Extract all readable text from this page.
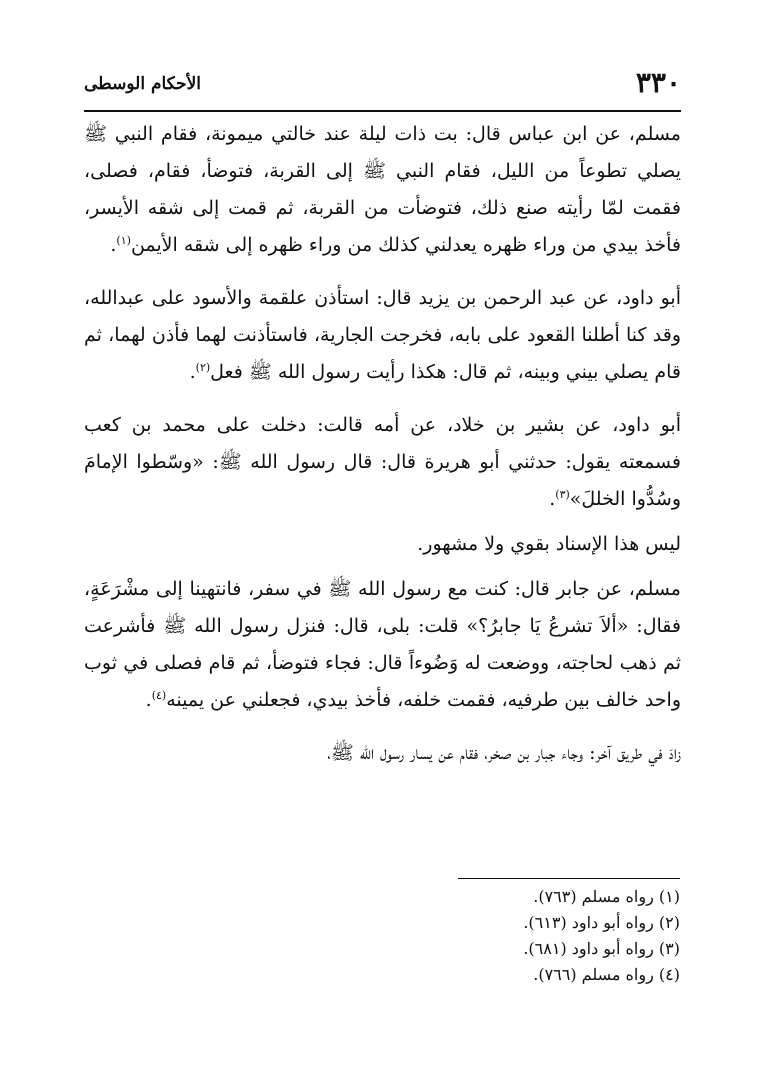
٣٣٠
الأحكام الوسطى

مسلم، عن ابن عباس قال: بت ذات ليلة عند خالتي ميمونة، فقام النبي ﷺ يصلي تطوعاً من الليل، فقام النبي ﷺ إلى القربة، فتوضأ، فقام، فصلى، فقمت لمّا رأيته صنع ذلك، فتوضأت من القربة، ثم قمت إلى شقه الأيسر، فأخذ بيدي من وراء ظهره يعدلني كذلك من وراء ظهره إلى شقه الأيمن$^{(١)}$.

أبو داود، عن عبد الرحمن بن يزيد قال: استأذن علقمة والأسود على عبدالله، وقد كنا أطلنا القعود على بابه، فخرجت الجارية، فاستأذنت لهما فأذن لهما، ثم قام يصلي بيني وبينه، ثم قال: هكذا رأيت رسول الله ﷺ فعل$^{(٢)}$.

أبو داود، عن بشير بن خلاد، عن أمه قالت: دخلت على محمد بن كعب فسمعته يقول: حدثني أبو هريرة قال: قال رسول الله ﷺ: «وسّطوا الإمامَ وسُدُّوا الخللَ»$^{(٣)}$.

ليس هذا الإسناد بقوي ولا مشهور.

مسلم، عن جابر قال: كنت مع رسول الله ﷺ في سفر، فانتهينا إلى مشْرَعَةٍ، فقال: «ألاَ تشرعُ يَا جابرُ؟» قلت: بلى، قال: فنزل رسول الله ﷺ فأشرعت ثم ذهب لحاجته، ووضعت له وَضُوءاً قال: فجاء فتوضأ، ثم قام فصلى في ثوب واحد خالف بين طرفيه، فقمت خلفه، فأخذ بيدي، فجعلني عن يمينه$^{(٤)}$.

زادَ في طريق آخر: وجاء جبار بن صخر، فقام عن يسار رسول الله ﷺ،

(١) رواه مسلم (٧٦٣).
(٢) رواه أبو داود (٦١٣).
(٣) رواه أبو داود (٦٨١).
(٤) رواه مسلم (٧٦٦).
